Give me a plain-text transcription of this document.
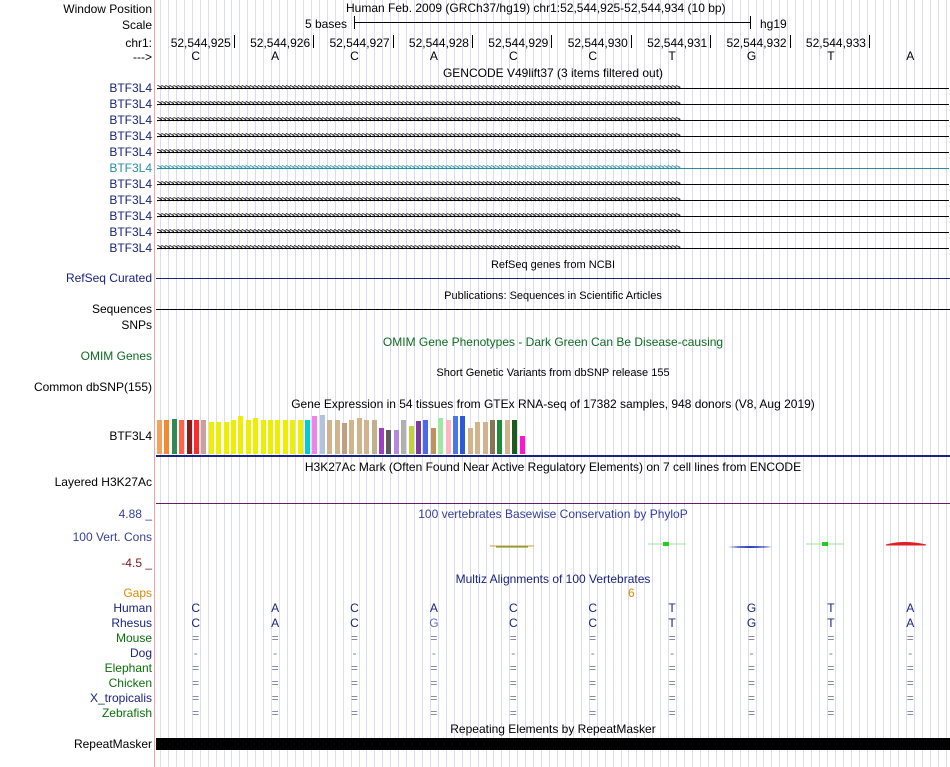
Window Position	Human Feb. 2009 (GRCh37/hg19) chr1:52,544,925-52,544,934 (10 bp)
Scale	5 bases	hg19
chr1: 52,544,925 52,544,926 52,544,927 52,544,928 52,544,929 52,544,930 52,544,931 52,544,932 52,544,933
--->	C	A	C	A	C	C	T	G	T	A
GENCODE V49lift37 (3 items filtered out)
BTF3L4 >>>>>>>>>>>>>>>>>>>>>>>>>>>>>>>>>>>>>>>>>>>>>>>>>>>>>>>>>>>>>>>>>>>>>>>>>>>>>>>>>>>>>>>>>>>>>>>>>>>>>>>>>>>>>>>>>>>>>>>>>>>>>>>>>>
BTF3L4 >>>>>>>>>>>>>>>>>>>>>>>>>>>>>>>>>>>>>>>>>>>>>>>>>>>>>>>>>>>>>>>>>>>>>>>>>>>>>>>>>>>>>>>>>>>>>>>>>>>>>>>>>>>>>>>>>>>>>>>>>>>>>>>>>>
BTF3L4 >>>>>>>>>>>>>>>>>>>>>>>>>>>>>>>>>>>>>>>>>>>>>>>>>>>>>>>>>>>>>>>>>>>>>>>>>>>>>>>>>>>>>>>>>>>>>>>>>>>>>>>>>>>>>>>>>>>>>>>>>>>>>>>>>>
BTF3L4 >>>>>>>>>>>>>>>>>>>>>>>>>>>>>>>>>>>>>>>>>>>>>>>>>>>>>>>>>>>>>>>>>>>>>>>>>>>>>>>>>>>>>>>>>>>>>>>>>>>>>>>>>>>>>>>>>>>>>>>>>>>>>>>>>>
BTF3L4 >>>>>>>>>>>>>>>>>>>>>>>>>>>>>>>>>>>>>>>>>>>>>>>>>>>>>>>>>>>>>>>>>>>>>>>>>>>>>>>>>>>>>>>>>>>>>>>>>>>>>>>>>>>>>>>>>>>>>>>>>>>>>>>>>>
BTF3L4 >>>>>>>>>>>>>>>>>>>>>>>>>>>>>>>>>>>>>>>>>>>>>>>>>>>>>>>>>>>>>>>>>>>>>>>>>>>>>>>>>>>>>>>>>>>>>>>>>>>>>>>>>>>>>>>>>>>>>>>>>>>>>>>>>>
BTF3L4 >>>>>>>>>>>>>>>>>>>>>>>>>>>>>>>>>>>>>>>>>>>>>>>>>>>>>>>>>>>>>>>>>>>>>>>>>>>>>>>>>>>>>>>>>>>>>>>>>>>>>>>>>>>>>>>>>>>>>>>>>>>>>>>>>>
BTF3L4 >>>>>>>>>>>>>>>>>>>>>>>>>>>>>>>>>>>>>>>>>>>>>>>>>>>>>>>>>>>>>>>>>>>>>>>>>>>>>>>>>>>>>>>>>>>>>>>>>>>>>>>>>>>>>>>>>>>>>>>>>>>>>>>>>>
BTF3L4 >>>>>>>>>>>>>>>>>>>>>>>>>>>>>>>>>>>>>>>>>>>>>>>>>>>>>>>>>>>>>>>>>>>>>>>>>>>>>>>>>>>>>>>>>>>>>>>>>>>>>>>>>>>>>>>>>>>>>>>>>>>>>>>>>>
BTF3L4 >>>>>>>>>>>>>>>>>>>>>>>>>>>>>>>>>>>>>>>>>>>>>>>>>>>>>>>>>>>>>>>>>>>>>>>>>>>>>>>>>>>>>>>>>>>>>>>>>>>>>>>>>>>>>>>>>>>>>>>>>>>>>>>>>>
BTF3L4 >>>>>>>>>>>>>>>>>>>>>>>>>>>>>>>>>>>>>>>>>>>>>>>>>>>>>>>>>>>>>>>>>>>>>>>>>>>>>>>>>>>>>>>>>>>>>>>>>>>>>>>>>>>>>>>>>>>>>>>>>>>>>>>>>>
RefSeq genes from NCBI
RefSeq Curated
Publications: Sequences in Scientific Articles
Sequences
SNPs
OMIM Gene Phenotypes - Dark Green Can Be Disease-causing
OMIM Genes
Short Genetic Variants from dbSNP release 155
Common dbSNP(155)
Gene Expression in 54 tissues from GTEx RNA-seq of 17382 samples, 948 donors (V8, Aug 2019)
BTF3L4
H3K27Ac Mark (Often Found Near Active Regulatory Elements) on 7 cell lines from ENCODE
Layered H3K27Ac
100 vertebrates Basewise Conservation by PhyloP
4.88 _
100 Vert. Cons
-4.5 _
Multiz Alignments of 100 Vertebrates
Gaps	6
Human	C	A	C	A	C	C	T	G	T	A
Rhesus	C	A	C	G	C	C	T	G	T	A
Mouse	=	=	=	=	=	=	=	=	=	=
Dog	-	-	-	-	-	-	-	-	-	-
Elephant	=	=	=	=	=	=	=	=	=	=
Chicken	=	=	=	=	=	=	=	=	=	=
X_tropicalis	=	=	=	=	=	=	=	=	=	=
Zebrafish	=	=	=	=	=	=	=	=	=	=
Repeating Elements by RepeatMasker
RepeatMasker
